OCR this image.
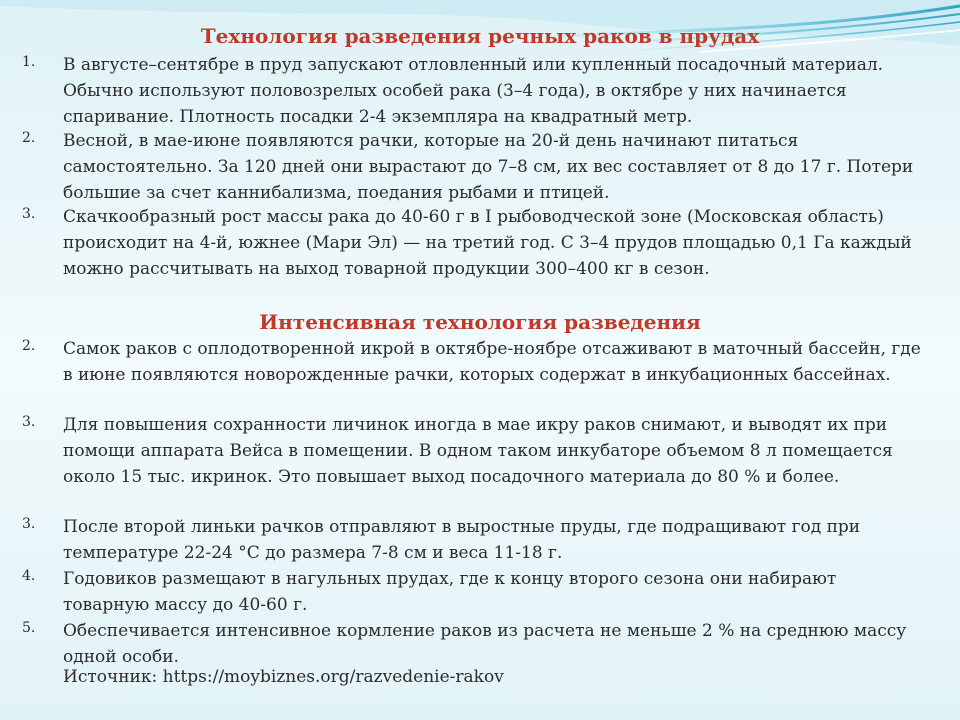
Технология разведения речных раков в прудах
1. В августе–сентябре в пруд запускают отловленный или купленный посадочный материал. Обычно используют половозрелых особей рака (3–4 года), в октябре у них начинается спаривание. Плотность посадки 2-4 экземпляра на квадратный метр.
2. Весной, в мае-июне появляются рачки, которые на 20-й день начинают питаться самостоятельно. За 120 дней они вырастают до 7–8 см, их вес составляет от 8 до 17 г. Потери большие за счет каннибализма, поедания рыбами и птицей.
3. Скачкообразный рост массы рака до 40-60 г в I рыбоводческой зоне (Московская область) происходит на 4-й, южнее (Мари Эл) — на третий год. С 3–4 прудов площадью 0,1 Га каждый можно рассчитывать на выход товарной продукции 300–400 кг в сезон.
Интенсивная технология разведения
2. Самок раков с оплодотворенной икрой в октябре-ноябре отсаживают в маточный бассейн, где в июне появляются новорожденные рачки, которых содержат в инкубационных бассейнах.
3. Для повышения сохранности личинок иногда в мае икру раков снимают, и выводят их при помощи аппарата Вейса в помещении. В одном таком инкубаторе объемом 8 л помещается около 15 тыс. икринок. Это повышает выход посадочного материала до 80 % и более.
3. После второй линьки рачков отправляют в выростные пруды, где подращивают год при температуре 22-24 °С до размера 7-8 см и веса 11-18 г.
4. Годовиков размещают в нагульных прудах, где к концу второго сезона они набирают товарную массу до 40-60 г.
5. Обеспечивается интенсивное кормление раков из расчета не меньше 2 % на среднюю массу одной особи.
Источник: https://moybiznes.org/razvedenie-rakov
